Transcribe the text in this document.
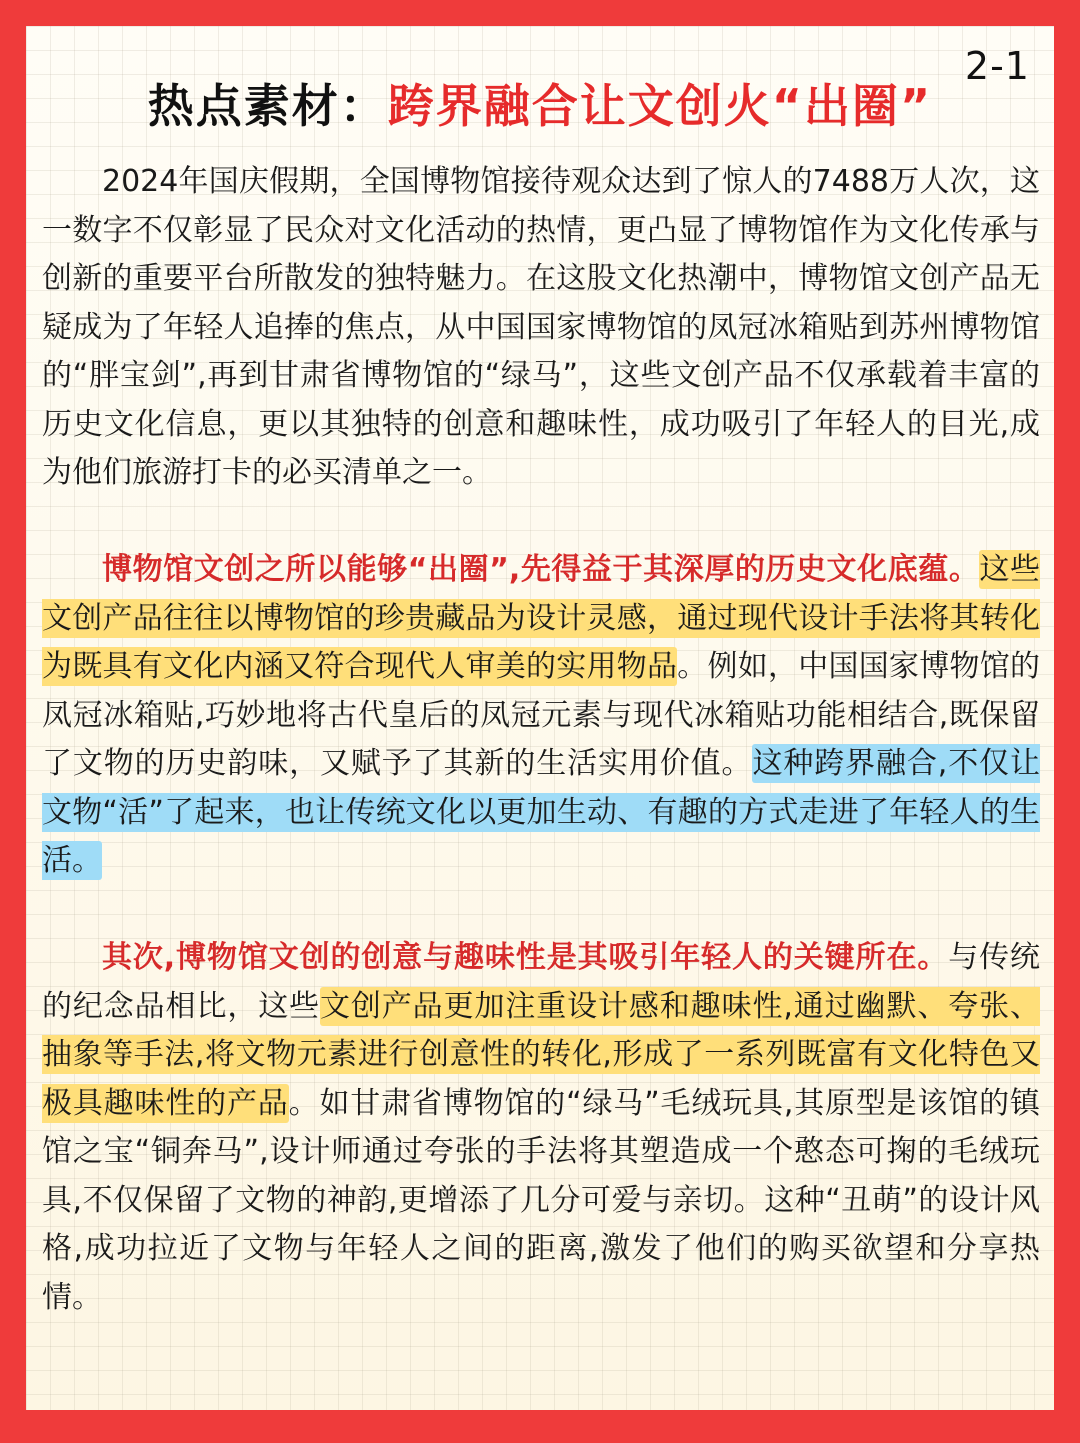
2-1
热点素材：跨界融合让文创火“出圈”

2024年国庆假期，全国博物馆接待观众达到了惊人的7488万人次，这一数字不仅彰显了民众对文化活动的热情，更凸显了博物馆作为文化传承与创新的重要平台所散发的独特魅力。在这股文化热潮中，博物馆文创产品无疑成为了年轻人追捧的焦点，从中国国家博物馆的凤冠冰箱贴到苏州博物馆的“胖宝剑”,再到甘肃省博物馆的“绿马”，这些文创产品不仅承载着丰富的历史文化信息，更以其独特的创意和趣味性，成功吸引了年轻人的目光,成为他们旅游打卡的必买清单之一。

博物馆文创之所以能够“出圈”,先得益于其深厚的历史文化底蕴。这些文创产品往往以博物馆的珍贵藏品为设计灵感，通过现代设计手法将其转化为既具有文化内涵又符合现代人审美的实用物品。例如，中国国家博物馆的凤冠冰箱贴,巧妙地将古代皇后的凤冠元素与现代冰箱贴功能相结合,既保留了文物的历史韵味，又赋予了其新的生活实用价值。这种跨界融合,不仅让文物“活”了起来，也让传统文化以更加生动、有趣的方式走进了年轻人的生活。

其次,博物馆文创的创意与趣味性是其吸引年轻人的关键所在。与传统的纪念品相比，这些文创产品更加注重设计感和趣味性,通过幽默、夸张、抽象等手法,将文物元素进行创意性的转化,形成了一系列既富有文化特色又极具趣味性的产品。如甘肃省博物馆的“绿马”毛绒玩具,其原型是该馆的镇馆之宝“铜奔马”,设计师通过夸张的手法将其塑造成一个憨态可掬的毛绒玩具,不仅保留了文物的神韵,更增添了几分可爱与亲切。这种“丑萌”的设计风格,成功拉近了文物与年轻人之间的距离,激发了他们的购买欲望和分享热情。
